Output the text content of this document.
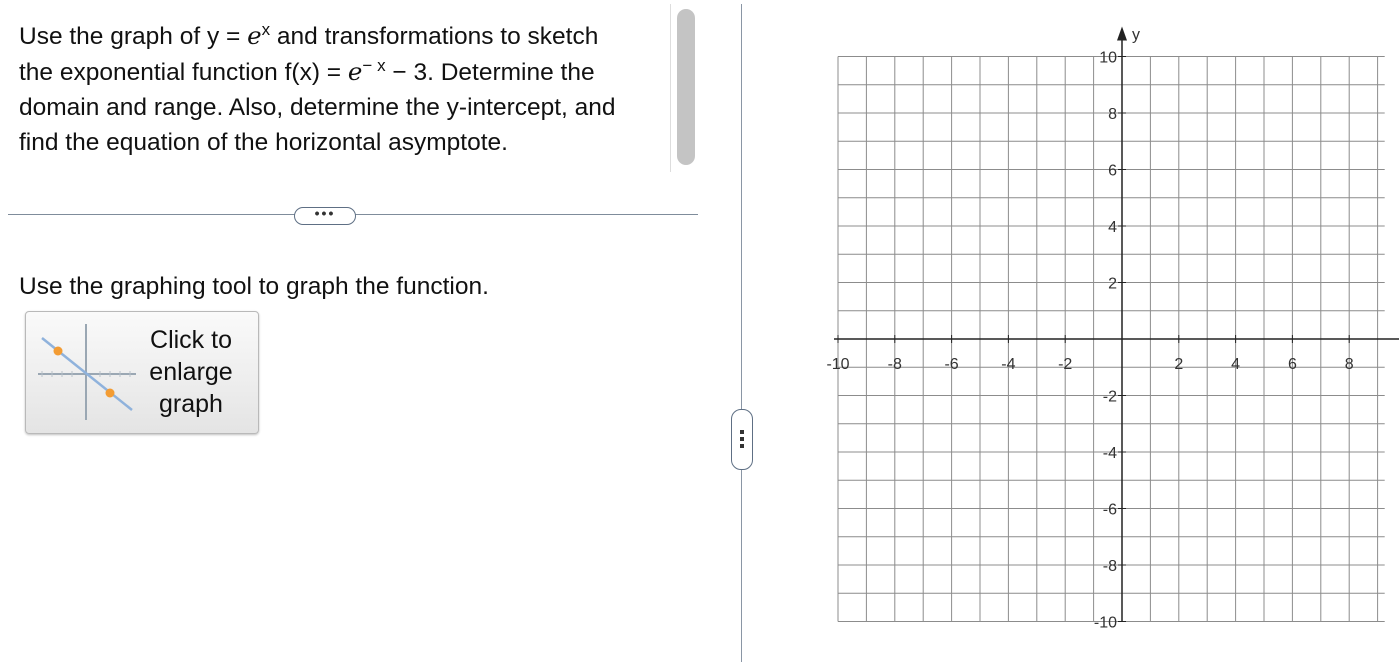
Use the graph of $y = e^x$ and transformations to sketch
the exponential function $f(x) = e^{- x} - 3$. Determine the
domain and range. Also, determine the y-intercept, and
find the equation of the horizontal asymptote.
•••
Use the graphing tool to graph the function.
Click to
enlarge
graph
y
-10 -8	-6	-4	-2	2	4	6	8
10
8
6
4
2
-2
-4
-6
-8
-10
